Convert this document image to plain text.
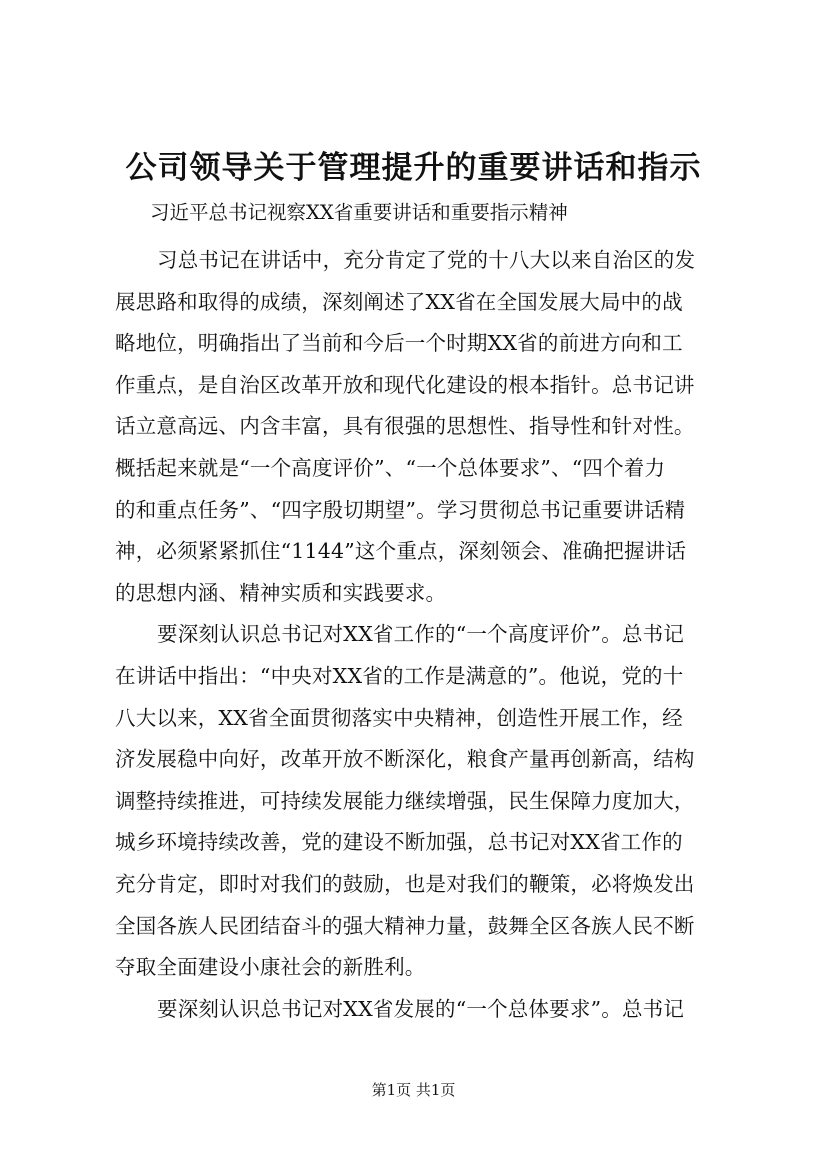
公司领导关于管理提升的重要讲话和指示
习近平总书记视察XX省重要讲话和重要指示精神
习总书记在讲话中，充分肯定了党的十八大以来自治区的发
展思路和取得的成绩，深刻阐述了XX省在全国发展大局中的战
略地位，明确指出了当前和今后一个时期XX省的前进方向和工
作重点，是自治区改革开放和现代化建设的根本指针。总书记讲
话立意高远、内含丰富，具有很强的思想性、指导性和针对性。
概括起来就是“一个高度评价”、“一个总体要求”、“四个着力
的和重点任务”、“四字殷切期望”。学习贯彻总书记重要讲话精
神，必须紧紧抓住“1144”这个重点，深刻领会、准确把握讲话
的思想内涵、精神实质和实践要求。
要深刻认识总书记对XX省工作的“一个高度评价”。总书记
在讲话中指出：“中央对XX省的工作是满意的”。他说，党的十
八大以来，XX省全面贯彻落实中央精神，创造性开展工作，经
济发展稳中向好，改革开放不断深化，粮食产量再创新高，结构
调整持续推进，可持续发展能力继续增强，民生保障力度加大，
城乡环境持续改善，党的建设不断加强，总书记对XX省工作的
充分肯定，即时对我们的鼓励，也是对我们的鞭策，必将焕发出
全国各族人民团结奋斗的强大精神力量，鼓舞全区各族人民不断
夺取全面建设小康社会的新胜利。
要深刻认识总书记对XX省发展的“一个总体要求”。总书记
第1页 共1页
